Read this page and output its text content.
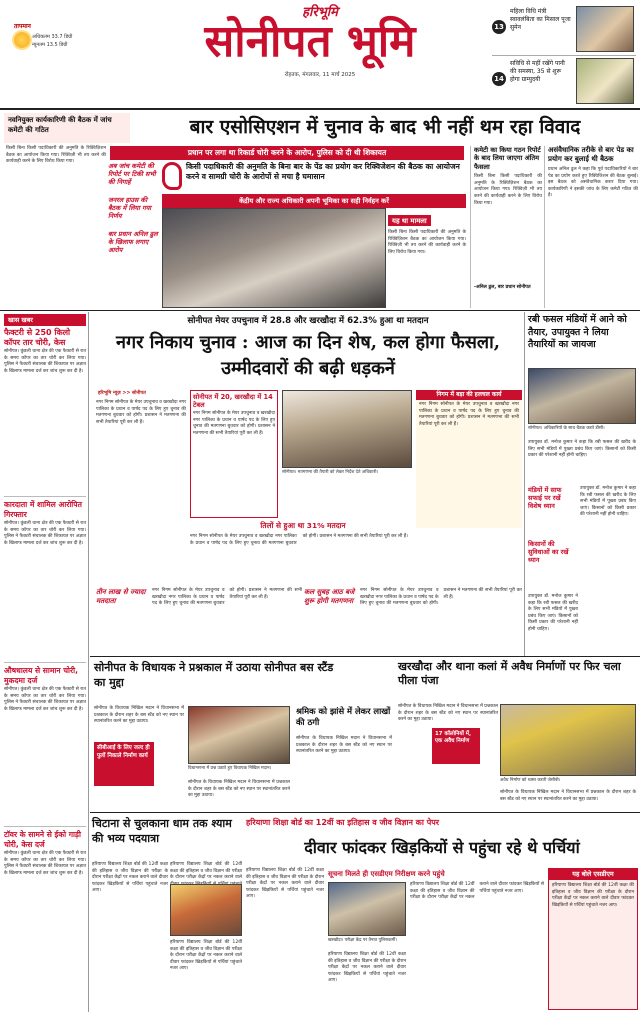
तापमान
अधिकतम 33.7 डिग्री
न्यूनतम 13.5 डिग्री
हरिभूमि
सोनीपत भूमि
रोहतक, मंगलवार, 11 मार्च 2025
13
महिला विधि मंत्री स्वावलंबिता का मिसाल पूजा सुमेन
14
सविधि से महीं रखेंगे पानी की समस्या, 35 से शुरू होगा ग्राम्युदयी
नवनियुक्त कार्यकारिणी की बैठक में जांच कमेटी की गठित	बार एसोसिएशन में चुनाव के बाद भी नहीं थम रहा विवाद
प्रधान पर लगा था रिकार्ड चोरी करने के आरोप, पुलिस को दी थी शिकायत
किसी बिना किसी पदाधिकारी की अनुमति के रिक्विज़िशन बैठक का आयोजन किया गया। रिक्विज़ी भी तय करने की कार्यवाही करने के लिए विरोध किया गया।
अब जांच कमेटी की रिपोर्ट पर टिकी सभी की निगाहें
जनरल हाउस की बैठक में लिया गया निर्णय
बार प्रधान अनिल ढुल के खिलाफ लगाए आरोप
किसी पदाधिकारी की अनुमति के बिना बार के पेंड का प्रयोग कर रिक्विजेशन की बैठक का आयोजन करने व सामग्री चोरी के आरोपों से मचा है घमासान
केंद्रीय और राज्य अधिकारी अपनी भूमिका का सही निर्वहन करें
यह था मामला
किसी बिना किसी पदाधिकारी की अनुमति के रिक्विज़िशन बैठक का आयोजन किया गया। रिक्विज़ी भी तय करने की कार्यवाही करने के लिए विरोध किया गया।
कमेटी का किया गठन रिपोर्ट के बाद लिया जाएगा अंतिम फैसला
किसी बिना किसी पदाधिकारी की अनुमति के रिक्विज़िशन बैठक का आयोजन किया गया। रिक्विज़ी भी तय करने की कार्यवाही करने के लिए विरोध किया गया।
-अनिल ढुल, बार प्रधान सोनीपत
असंवैधानिक तरीके से बार पेड का प्रयोग कर बुलाई थी बैठक
प्रधान अनिल ढुल ने कहा कि पूर्व पदाधिकारियों ने बार पेड का प्रयोग करते हुए रिक्विजिशन की बैठक बुलाई। इस बैठक को असंवैधानिक करार दिया गया। कार्यकारिणी ने इसकी जांच के लिए कमेटी गठित की है।
खास खबर
फैक्टरी से 250 किलो कॉपर तार चोरी, केस
सोनीपत। कुंडली थाना क्षेत्र की एक फैक्टरी से रात के समय कॉपर का तार चोरी कर लिया गया। पुलिस ने फैक्टरी संचालक की शिकायत पर अज्ञात के खिलाफ मामला दर्ज कर जांच शुरू कर दी है।
कारदाता में शामिल आरोपित गिरफ्तार
सोनीपत। कुंडली थाना क्षेत्र की एक फैक्टरी से रात के समय कॉपर का तार चोरी कर लिया गया। पुलिस ने फैक्टरी संचालक की शिकायत पर अज्ञात के खिलाफ मामला दर्ज कर जांच शुरू कर दी है।
औषधालय से सामान चोरी, मुकदमा दर्ज
सोनीपत। कुंडली थाना क्षेत्र की एक फैक्टरी से रात के समय कॉपर का तार चोरी कर लिया गया। पुलिस ने फैक्टरी संचालक की शिकायत पर अज्ञात के खिलाफ मामला दर्ज कर जांच शुरू कर दी है।
टॉवर के सामने से ईको गाड़ी चोरी, केस दर्ज
सोनीपत। कुंडली थाना क्षेत्र की एक फैक्टरी से रात के समय कॉपर का तार चोरी कर लिया गया। पुलिस ने फैक्टरी संचालक की शिकायत पर अज्ञात के खिलाफ मामला दर्ज कर जांच शुरू कर दी है।
सोनीपत मेयर उपचुनाव में 28.8 और खरखौदा में 62.3% हुआ था मतदान
नगर निकाय चुनाव : आज का दिन शेष, कल होगा फैसला, उम्मीदवारों की बढ़ी धड़कनें
हरिभूमि न्यूज़ >> सोनीपत
नगर निगम सोनीपत के मेयर उपचुनाव व खरखौदा नगर पालिका के प्रधान व पार्षद पद के लिए हुए चुनाव की मतगणना बुधवार को होगी। प्रशासन ने मतगणना की सभी तैयारियां पूरी कर ली हैं।
सोनीपत में 20, खरखौदा में 14 टेबल
नगर निगम सोनीपत के मेयर उपचुनाव व खरखौदा नगर पालिका के प्रधान व पार्षद पद के लिए हुए चुनाव की मतगणना बुधवार को होगी। प्रशासन ने मतगणना की सभी तैयारियां पूरी कर ली हैं।
सोनीपत। मतगणना की तैयारी को लेकर निर्देश देते अधिकारी।
निगम में बड़ा की हलचल कार्य
नगर निगम सोनीपत के मेयर उपचुनाव व खरखौदा नगर पालिका के प्रधान व पार्षद पद के लिए हुए चुनाव की मतगणना बुधवार को होगी। प्रशासन ने मतगणना की सभी तैयारियां पूरी कर ली हैं।
तिलों से हुआ था 31% मतदान
नगर निगम सोनीपत के मेयर उपचुनाव व खरखौदा नगर पालिका के प्रधान व पार्षद पद के लिए हुए चुनाव की मतगणना बुधवार को होगी। प्रशासन ने मतगणना की सभी तैयारियां पूरी कर ली हैं।
तीन लाख से ज्यादा मतदाता
नगर निगम सोनीपत के मेयर उपचुनाव व खरखौदा नगर पालिका के प्रधान व पार्षद पद के लिए हुए चुनाव की मतगणना बुधवार को होगी। प्रशासन ने मतगणना की सभी तैयारियां पूरी कर ली हैं।
कल सुबह आठ बजे शुरू होगी मतगणना
नगर निगम सोनीपत के मेयर उपचुनाव व खरखौदा नगर पालिका के प्रधान व पार्षद पद के लिए हुए चुनाव की मतगणना बुधवार को होगी। प्रशासन ने मतगणना की सभी तैयारियां पूरी कर ली हैं।
रबी फसल मंडियों में आने को तैयार, उपायुक्त ने लिया तैयारियों का जायजा
सोनीपत। अधिकारियों के साथ बैठक करते डीसी।
उपायुक्त डॉ. मनोज कुमार ने कहा कि रबी फसल की खरीद के लिए सभी मंडियों में पुख्ता प्रबंध किए जाएं। किसानों को किसी प्रकार की परेशानी नहीं होनी चाहिए।
मंडियों में साफ सफाई पर रखें विशेष ध्यान
किसानों की सुविधाओं का रखें ध्यान
उपायुक्त डॉ. मनोज कुमार ने कहा कि रबी फसल की खरीद के लिए सभी मंडियों में पुख्ता प्रबंध किए जाएं। किसानों को किसी प्रकार की परेशानी नहीं होनी चाहिए।
उपायुक्त डॉ. मनोज कुमार ने कहा कि रबी फसल की खरीद के लिए सभी मंडियों में पुख्ता प्रबंध किए जाएं। किसानों को किसी प्रकार की परेशानी नहीं होनी चाहिए।
सोनीपत के विधायक ने प्रश्नकाल में उठाया सोनीपत बस स्टैंड का मुद्दा
सोनीपत के विधायक निखिल मदान ने विधानसभा में प्रश्नकाल के दौरान शहर के बस स्टैंड को नए स्थान पर स्थानांतरित करने का मुद्दा उठाया।
सीबीआई के लिए जल्द ही पुलों निकाले निर्माण कार्य
विधानसभा में प्रश्न उठाते हुए विधायक निखिल मदान।
सोनीपत के विधायक निखिल मदान ने विधानसभा में प्रश्नकाल के दौरान शहर के बस स्टैंड को नए स्थान पर स्थानांतरित करने का मुद्दा उठाया।
श्रमिक को झांसे में लेकर लाखों की ठगी
सोनीपत के विधायक निखिल मदान ने विधानसभा में प्रश्नकाल के दौरान शहर के बस स्टैंड को नए स्थान पर स्थानांतरित करने का मुद्दा उठाया।
खरखौदा और थाना कलां में अवैध निर्माणों पर फिर चला पीला पंजा
सोनीपत के विधायक निखिल मदान ने विधानसभा में प्रश्नकाल के दौरान शहर के बस स्टैंड को नए स्थान पर स्थानांतरित करने का मुद्दा उठाया।
17 कॉलोनियों में, एक अवैध निर्माण
अवैध निर्माण को ध्वस्त करती जेसीबी।
सोनीपत के विधायक निखिल मदान ने विधानसभा में प्रश्नकाल के दौरान शहर के बस स्टैंड को नए स्थान पर स्थानांतरित करने का मुद्दा उठाया।
चिटाना से चुलकाना धाम तक श्याम की भव्य पदयात्रा
हरियाणा विद्यालय शिक्षा बोर्ड की 12वीं कक्षा की इतिहास व जीव विज्ञान की परीक्षा के दौरान परीक्षा केंद्रों पर नकल कराने वाले दीवार फांदकर खिड़कियों से पर्चियां पहुंचाते नजर आए।
हरियाणा विद्यालय शिक्षा बोर्ड की 12वीं कक्षा की इतिहास व जीव विज्ञान की परीक्षा के दौरान परीक्षा केंद्रों पर नकल कराने वाले
हरियाणा विद्यालय शिक्षा बोर्ड की 12वीं कक्षा की इतिहास व जीव विज्ञान की परीक्षा के दौरान परीक्षा केंद्रों पर नकल कराने वाले दीवार फांदकर खिड़कियों से पर्चियां पहुंचाते नजर आए।
हरियाणा शिक्षा बोर्ड का 12वीं का इतिहास व जीव विज्ञान का पेपर
दीवार फांदकर खिड़कियों से पहुंचा रहे थे पर्चियां
हरियाणा विद्यालय शिक्षा बोर्ड की 12वीं कक्षा की इतिहास व जीव विज्ञान की परीक्षा के दौरान परीक्षा केंद्रों पर नकल कराने वाले दीवार फांदकर खिड़कियों से पर्चियां पहुंचाते नजर आए।
सूचना मिलते ही एसडीएम निरीक्षण करने पहुंचे
खरखौदा। परीक्षा केंद्र पर तैनात पुलिसकर्मी।
हरियाणा विद्यालय शिक्षा बोर्ड की 12वीं कक्षा की इतिहास व जीव विज्ञान की परीक्षा के दौरान परीक्षा केंद्रों पर नकल कराने वाले दीवार फांदकर खिड़कियों से पर्चियां पहुंचाते नजर आए।
हरियाणा विद्यालय शिक्षा बोर्ड की 12वीं कक्षा की इतिहास व जीव विज्ञान की परीक्षा के दौरान परीक्षा केंद्रों पर नकल कराने वाले दीवार फांदकर खिड़कियों से पर्चियां पहुंचाते नजर आए।
यह बोले एसडीएम
हरियाणा विद्यालय शिक्षा बोर्ड की 12वीं कक्षा की इतिहास व जीव विज्ञान की परीक्षा के दौरान परीक्षा केंद्रों पर नकल कराने वाले दीवार फांदकर खिड़कियों से पर्चियां पहुंचाते नजर आए।
